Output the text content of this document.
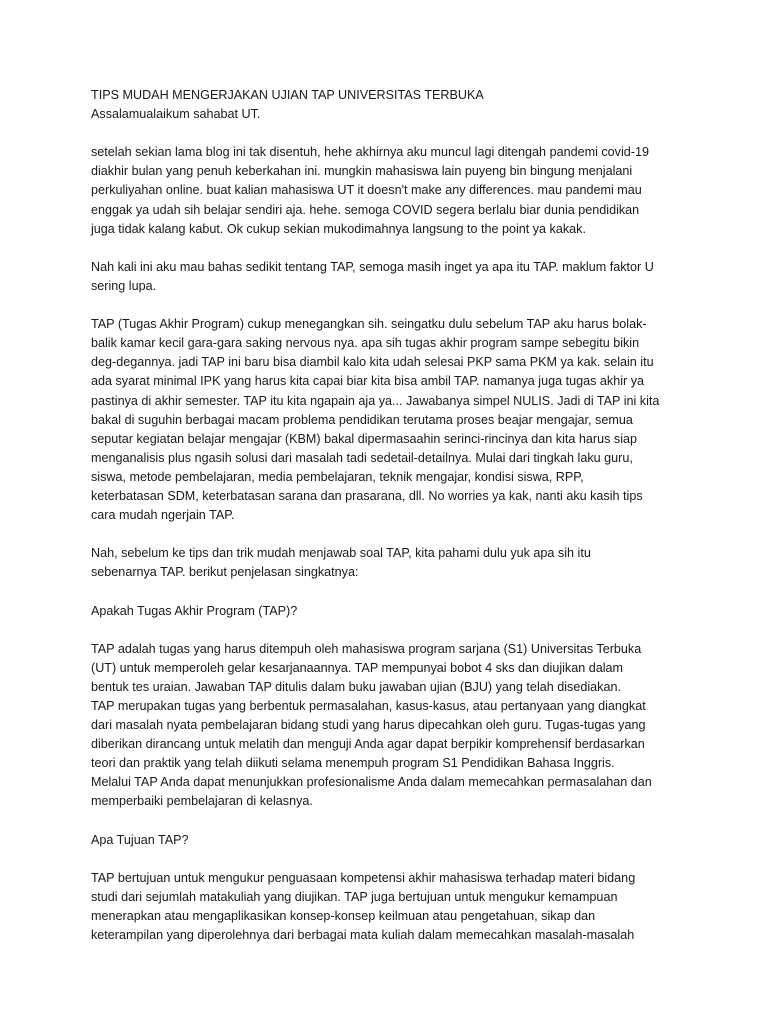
TIPS MUDAH MENGERJAKAN UJIAN TAP UNIVERSITAS TERBUKA
Assalamualaikum sahabat UT.

setelah sekian lama blog ini tak disentuh, hehe akhirnya aku muncul lagi ditengah pandemi covid-19
diakhir bulan yang penuh keberkahan ini. mungkin mahasiswa lain puyeng bin bingung menjalani
perkuliyahan online. buat kalian mahasiswa UT it doesn't make any differences. mau pandemi mau
enggak ya udah sih belajar sendiri aja. hehe. semoga COVID segera berlalu biar dunia pendidikan
juga tidak kalang kabut. Ok cukup sekian mukodimahnya langsung to the point ya kakak.

Nah kali ini aku mau bahas sedikit tentang TAP, semoga masih inget ya apa itu TAP. maklum faktor U
sering lupa.

TAP (Tugas Akhir Program) cukup menegangkan sih. seingatku dulu sebelum TAP aku harus bolak-
balik kamar kecil gara-gara saking nervous nya. apa sih tugas akhir program sampe sebegitu bikin
deg-degannya. jadi TAP ini baru bisa diambil kalo kita udah selesai PKP sama PKM ya kak. selain itu
ada syarat minimal IPK yang harus kita capai biar kita bisa ambil TAP. namanya juga tugas akhir ya
pastinya di akhir semester. TAP itu kita ngapain aja ya... Jawabanya simpel NULIS. Jadi di TAP ini kita
bakal di suguhin berbagai macam problema pendidikan terutama proses beajar mengajar, semua
seputar kegiatan belajar mengajar (KBM) bakal dipermasaahin serinci-rincinya dan kita harus siap
menganalisis plus ngasih solusi dari masalah tadi sedetail-detailnya. Mulai dari tingkah laku guru,
siswa, metode pembelajaran, media pembelajaran, teknik mengajar, kondisi siswa, RPP,
keterbatasan SDM, keterbatasan sarana dan prasarana, dll. No worries ya kak, nanti aku kasih tips
cara mudah ngerjain TAP.

Nah, sebelum ke tips dan trik mudah menjawab soal TAP, kita pahami dulu yuk apa sih itu
sebenarnya TAP. berikut penjelasan singkatnya:

Apakah Tugas Akhir Program (TAP)?

TAP adalah tugas yang harus ditempuh oleh mahasiswa program sarjana (S1) Universitas Terbuka
(UT) untuk memperoleh gelar kesarjanaannya. TAP mempunyai bobot 4 sks dan diujikan dalam
bentuk tes uraian. Jawaban TAP ditulis dalam buku jawaban ujian (BJU) yang telah disediakan.
TAP merupakan tugas yang berbentuk permasalahan, kasus-kasus, atau pertanyaan yang diangkat
dari masalah nyata pembelajaran bidang studi yang harus dipecahkan oleh guru. Tugas-tugas yang
diberikan dirancang untuk melatih dan menguji Anda agar dapat berpikir komprehensif berdasarkan
teori dan praktik yang telah diikuti selama menempuh program S1 Pendidikan Bahasa Inggris.
Melalui TAP Anda dapat menunjukkan profesionalisme Anda dalam memecahkan permasalahan dan
memperbaiki pembelajaran di kelasnya.

Apa Tujuan TAP?

TAP bertujuan untuk mengukur penguasaan kompetensi akhir mahasiswa terhadap materi bidang
studi dari sejumlah matakuliah yang diujikan. TAP juga bertujuan untuk mengukur kemampuan
menerapkan atau mengaplikasikan konsep-konsep keilmuan atau pengetahuan, sikap dan
keterampilan yang diperolehnya dari berbagai mata kuliah dalam memecahkan masalah-masalah
